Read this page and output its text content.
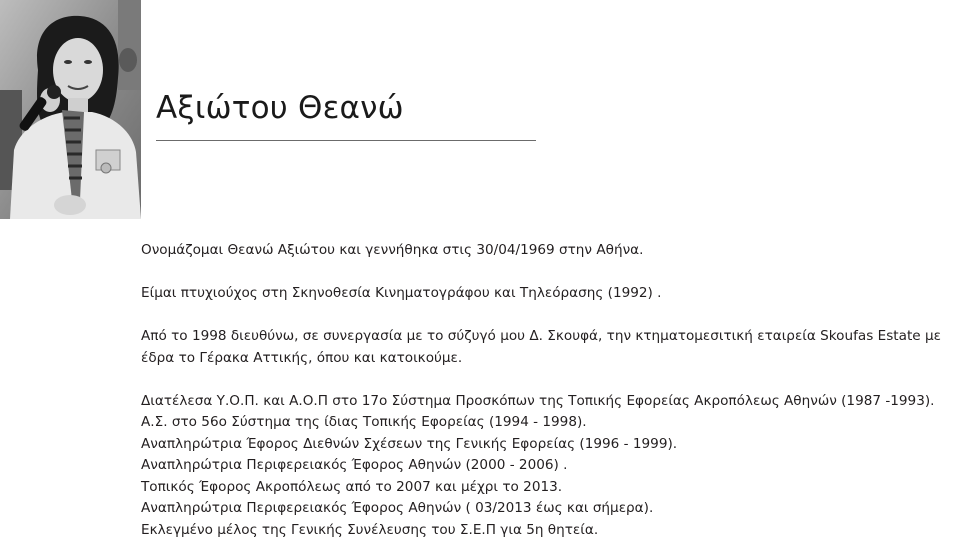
Αξιώτου Θεανώ

Ονομάζομαι Θεανώ Αξιώτου και γεννήθηκα στις 30/04/1969 στην Αθήνα.

Είμαι πτυχιούχος στη Σκηνοθεσία Κινηματογράφου και Τηλεόρασης (1992) .

Από το 1998 διευθύνω, σε συνεργασία με το σύζυγό μου Δ. Σκουφά, την κτηματομεσιτική εταιρεία Skoufas Estate με

έδρα το Γέρακα Αττικής, όπου και κατοικούμε.

Διατέλεσα Υ.Ο.Π. και Α.Ο.Π στο 17ο Σύστημα Προσκόπων της Τοπικής Εφορείας Ακροπόλεως Αθηνών (1987 -1993).

Α.Σ. στο 56ο Σύστημα της ίδιας Τοπικής Εφορείας (1994 - 1998).

Αναπληρώτρια Έφορος Διεθνών Σχέσεων της Γενικής Εφορείας (1996 - 1999).

Αναπληρώτρια Περιφερειακός Έφορος Αθηνών (2000 - 2006) .

Τοπικός Έφορος Ακροπόλεως από το 2007 και μέχρι το 2013.

Αναπληρώτρια Περιφερειακός Έφορος Αθηνών ( 03/2013 έως και σήμερα).

Εκλεγμένο μέλος της Γενικής Συνέλευσης του Σ.Ε.Π για 5η θητεία.
